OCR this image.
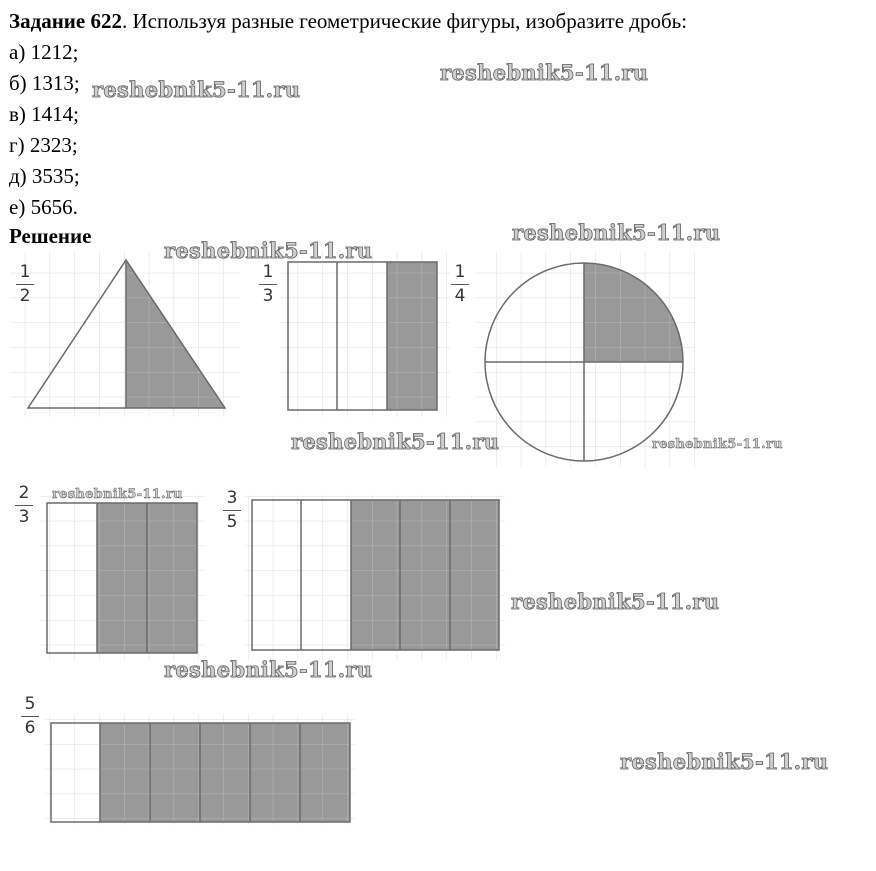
Задание 622. Используя разные геометрические фигуры, изобразите дробь:
а) 1212;
б) 1313;
в) 1414;
г) 2323;
д) 3535;
е) 5656.
Решение
1
2
1
3
1
4
2
3
3
5
5
6
reshebnik5-11.ru
reshebnik5-11.ru
reshebnik5-11.ru
reshebnik5-11.ru
reshebnik5-11.ru	reshebnik5-11.ru
reshebnik5-11.ru
reshebnik5-11.ru
reshebnik5-11.ru
reshebnik5-11.ru
